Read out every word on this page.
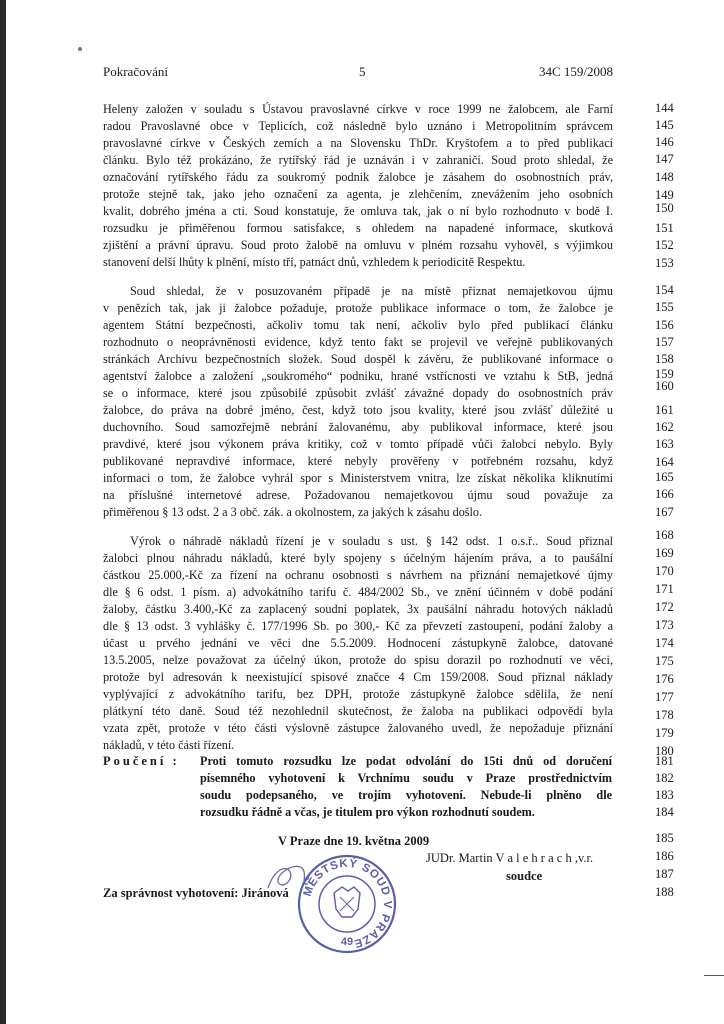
Pokračování	5	34C 159/2008
Heleny založen v souladu s Ústavou pravoslavné církve v roce 1999 ne žalobcem, ale Farní
radou Pravoslavné obce v Teplicích, což následně bylo uznáno i Metropolitním správcem
pravoslavné církve v Českých zemích a na Slovensku ThDr. Kryštofem a to před publikací
článku. Bylo též prokázáno, že rytířský řád je uznáván i v zahraničí. Soud proto shledal, že
označování rytířského řádu za soukromý podnik žalobce je zásahem do osobnostních práv,
protože stejně tak, jako jeho označení za agenta, je zlehčením, znevážením jeho osobních
kvalit, dobrého jména a cti. Soud konstatuje, že omluva tak, jak o ní bylo rozhodnuto v bodě I.
rozsudku je přiměřenou formou satisfakce, s ohledem na napadené informace, skutková
zjištění a právní úpravu. Soud proto žalobě na omluvu v plném rozsahu vyhověl, s výjimkou
stanovení delší lhůty k plnění, místo tří, patnáct dnů, vzhledem k periodicitě Respektu.
Soud shledal, že v posuzovaném případě je na místě přiznat nemajetkovou újmu
v penězích tak, jak ji žalobce požaduje, protože publikace informace o tom, že žalobce je
agentem Státní bezpečnosti, ačkoliv tomu tak není, ačkoliv bylo před publikací článku
rozhodnuto o neoprávněnosti evidence, když tento fakt se projevil ve veřejně publikovaných
stránkách Archivu bezpečnostních složek. Soud dospěl k závěru, že publikované informace o
agentství žalobce a založení „soukromého“ podniku, hrané vstřícnosti ve vztahu k StB, jedná
se o informace, které jsou způsobilé způsobit zvlášť závažné dopady do osobnostních práv
žalobce, do práva na dobré jméno, čest, když toto jsou kvality, které jsou zvlášť důležité u
duchovního. Soud samozřejmě nebrání žalovanému, aby publikoval informace, které jsou
pravdivé, které jsou výkonem práva kritiky, což v tomto případě vůči žalobci nebylo. Byly
publikované nepravdivé informace, které nebyly prověřeny v potřebném rozsahu, když
informaci o tom, že žalobce vyhrál spor s Ministerstvem vnitra, lze získat několika kliknutími
na příslušné internetové adrese. Požadovanou nemajetkovou újmu soud považuje za
přiměřenou § 13 odst. 2 a 3 obč. zák. a okolnostem, za jakých k zásahu došlo.
Výrok o náhradě nákladů řízení je v souladu s ust. § 142 odst. 1 o.s.ř.. Soud přiznal
žalobci plnou náhradu nákladů, které byly spojeny s účelným hájením práva, a to paušální
částkou 25.000,-Kč za řízení na ochranu osobnosti s návrhem na přiznání nemajetkové újmy
dle § 6 odst. 1 písm. a) advokátního tarifu č. 484/2002 Sb., ve znění účinném v době podání
žaloby, částku 3.400,-Kč za zaplacený soudní poplatek, 3x paušální náhradu hotových nákladů
dle § 13 odst. 3 vyhlášky č. 177/1996 Sb. po 300,- Kč za převzetí zastoupení, podání žaloby a
účast u prvého jednání ve věci dne 5.5.2009. Hodnocení zástupkyně žalobce, datované
13.5.2005, nelze považovat za účelný úkon, protože do spisu dorazil po rozhodnutí ve věci,
protože byl adresován k neexistující spisové značce 4 Cm 159/2008. Soud přiznal náklady
vyplývající z advokátního tarifu, bez DPH, protože zástupkyně žalobce sdělila, že není
plátkyní této daně. Soud též nezohlednil skutečnost, že žaloba na publikaci odpovědi byla
vzata zpět, protože v této části výslovně zástupce žalovaného uvedl, že nepožaduje přiznání
nákladů, v této části řízení.
144
145
146
147
148
149
150
151
152
153
154
155
156
157
158
159
160
161
162
163
164
165
166
167
168
169
170
171
172
173
174
175
176
177
178
179
180
Poučení : Proti tomuto rozsudku lze podat odvolání do 15ti dnů od doručení
písemného vyhotovení k Vrchnímu soudu v Praze prostřednictvím
soudu podepsaného, ve trojím vyhotovení. Nebude-li plněno dle
rozsudku řádně a včas, je titulem pro výkon rozhodnutí soudem.
181
182
183
184
V Praze dne 19. května 2009
JUDr. Martin V a l e h r a c h ,v.r.
soudce
Za správnost vyhotovení: Jiránová
185
186
187
188
MĚSTSKÝ SOUD V PRAZE
49
